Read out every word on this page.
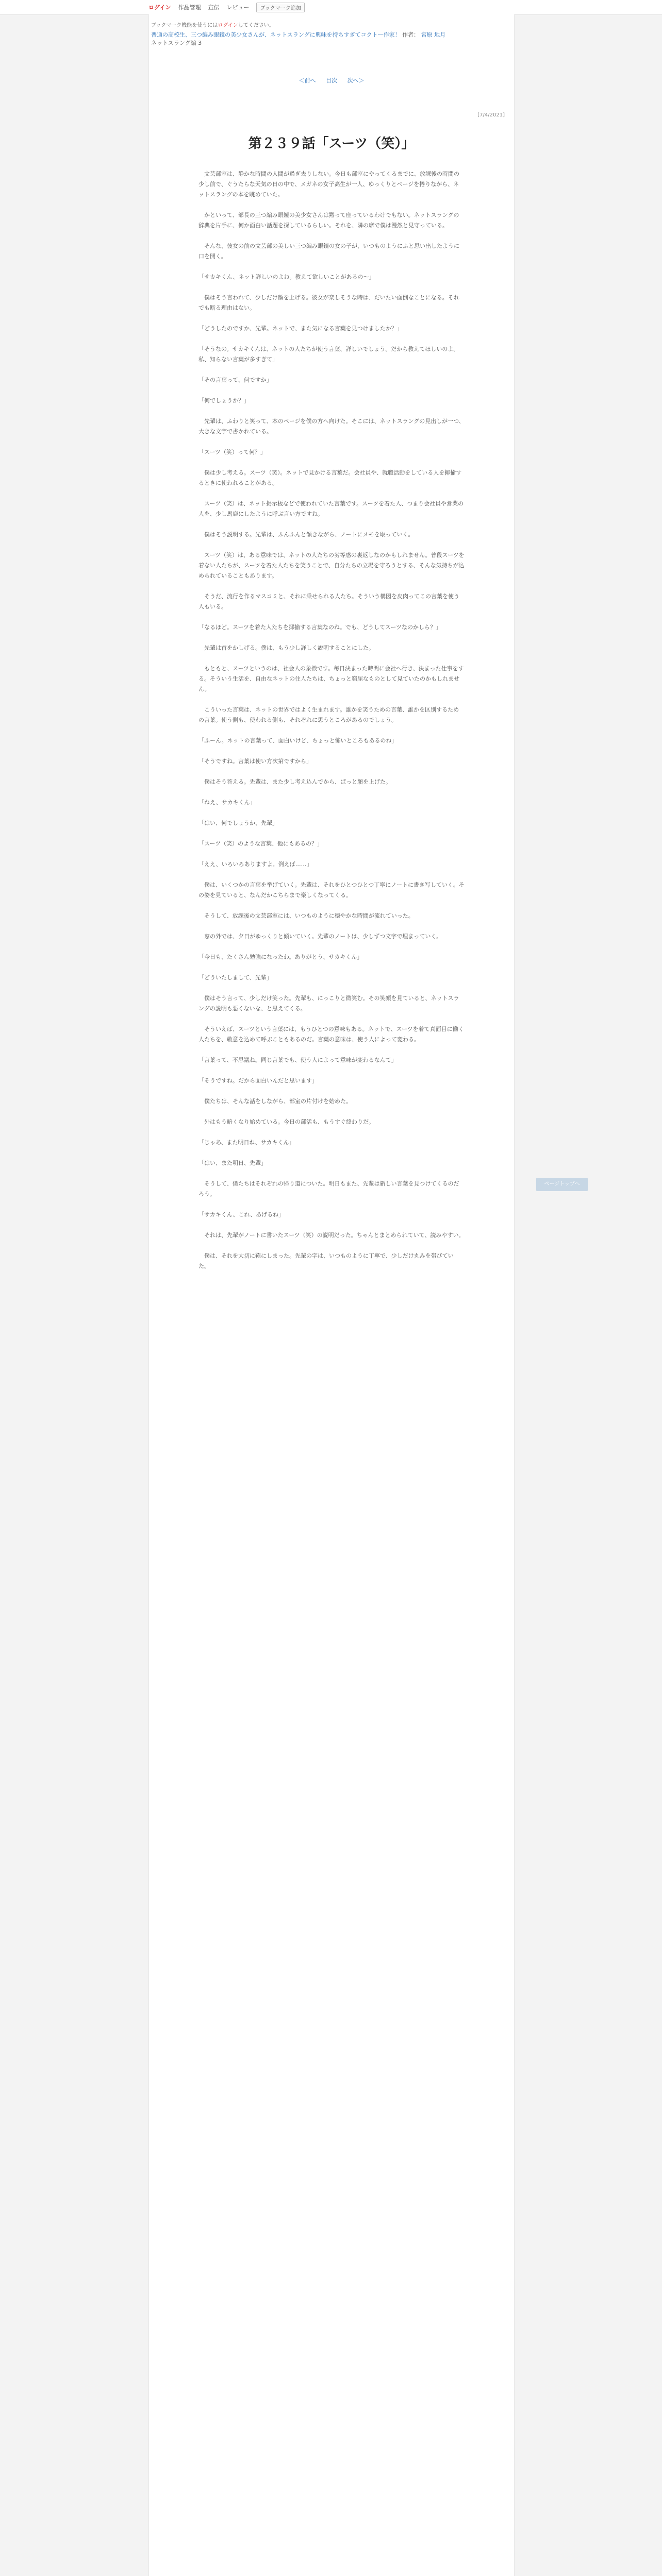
ログイン 作品管理 宣伝 レビュー	ブックマーク追加
ブックマーク機能を使うにはログインしてください。
普通の高校生、三つ編み眼鏡の美少女さんが、ネットスラングに興味を持ちすぎてコクトー作家！ 作者： 宮原 地月
ネットスラング編 3
＜前へ 目次 次へ＞
[7/4/2021]
第２３９話「スーツ（笑）」

文芸部室は、静かな時間の人間が過ぎ去りしない。今日も部室にやってくるまでに、放課後の時間の少し前で、ぐうたらな天気の日の中で、メガネの女子高生が一人、ゆっくりとページを捲りながら、ネットスラングの本を眺めていた。

かといって、部長の三つ編み眼鏡の美少女さんは黙って座っているわけでもない。ネットスラングの辞典を片手に、何か面白い話題を探しているらしい。それを、隣の席で僕は漫然と見守っている。

そんな、彼女の前の文芸部の美しい三つ編み眼鏡の女の子が、いつものようにふと思い出したように口を開く。

「サカキくん、ネット詳しいのよね。教えて欲しいことがあるの～」

僕はそう言われて、少しだけ顔を上げる。彼女が楽しそうな時は、だいたい面倒なことになる。それでも断る理由はない。

「どうしたのですか、先輩。ネットで、また気になる言葉を見つけましたか？」

「そうなの。サカキくんは、ネットの人たちが使う言葉、詳しいでしょう。だから教えてほしいのよ。私、知らない言葉が多すぎて」

「その言葉って、何ですか」

「何でしょうか？」

先輩は、ふわりと笑って、本のページを僕の方へ向けた。そこには、ネットスラングの見出しが一つ、大きな文字で書かれている。

「スーツ（笑）って何？」

僕は少し考える。スーツ（笑）。ネットで見かける言葉だ。会社員や、就職活動をしている人を揶揄するときに使われることがある。

スーツ（笑）は、ネット掲示板などで使われていた言葉です。スーツを着た人、つまり会社員や営業の人を、少し馬鹿にしたように呼ぶ言い方ですね。

僕はそう説明する。先輩は、ふんふんと頷きながら、ノートにメモを取っていく。

スーツ（笑）は、ある意味では、ネットの人たちの劣等感の裏返しなのかもしれません。普段スーツを着ない人たちが、スーツを着た人たちを笑うことで、自分たちの立場を守ろうとする、そんな気持ちが込められていることもあります。

そうだ、流行を作るマスコミと、それに乗せられる人たち。そういう構図を皮肉ってこの言葉を使う人もいる。

「なるほど。スーツを着た人たちを揶揄する言葉なのね。でも、どうしてスーツなのかしら？」

先輩は首をかしげる。僕は、もう少し詳しく説明することにした。

もともと、スーツというのは、社会人の象徴です。毎日決まった時間に会社へ行き、決まった仕事をする。そういう生活を、自由なネットの住人たちは、ちょっと窮屈なものとして見ていたのかもしれません。

こういった言葉は、ネットの世界ではよく生まれます。誰かを笑うための言葉、誰かを区別するための言葉。使う側も、使われる側も、それぞれに思うところがあるのでしょう。

「ふーん。ネットの言葉って、面白いけど、ちょっと怖いところもあるのね」

「そうですね。言葉は使い方次第ですから」

僕はそう答える。先輩は、また少し考え込んでから、ぱっと顔を上げた。

「ねえ、サカキくん」

「はい、何でしょうか、先輩」

「スーツ（笑）のような言葉、他にもあるの？」

「ええ、いろいろありますよ。例えば……」

僕は、いくつかの言葉を挙げていく。先輩は、それをひとつひとつ丁寧にノートに書き写していく。その姿を見ていると、なんだかこちらまで楽しくなってくる。

そうして、放課後の文芸部室には、いつものように穏やかな時間が流れていった。

窓の外では、夕日がゆっくりと傾いていく。先輩のノートは、少しずつ文字で埋まっていく。

「今日も、たくさん勉強になったわ。ありがとう、サカキくん」

「どういたしまして、先輩」

僕はそう言って、少しだけ笑った。先輩も、にっこりと微笑む。その笑顔を見ていると、ネットスラングの説明も悪くないな、と思えてくる。

そういえば、スーツという言葉には、もうひとつの意味もある。ネットで、スーツを着て真面目に働く人たちを、敬意を込めて呼ぶこともあるのだ。言葉の意味は、使う人によって変わる。

「言葉って、不思議ね。同じ言葉でも、使う人によって意味が変わるなんて」

「そうですね。だから面白いんだと思います」

僕たちは、そんな話をしながら、部室の片付けを始めた。

外はもう暗くなり始めている。今日の部活も、もうすぐ終わりだ。

「じゃあ、また明日ね、サカキくん」

「はい、また明日、先輩」

そうして、僕たちはそれぞれの帰り道についた。明日もまた、先輩は新しい言葉を見つけてくるのだろう。

「サカキくん、これ、あげるね」

それは、先輩がノートに書いたスーツ（笑）の説明だった。ちゃんとまとめられていて、読みやすい。

僕は、それを大切に鞄にしまった。先輩の字は、いつものように丁寧で、少しだけ丸みを帯びていた。

ページトップへ
